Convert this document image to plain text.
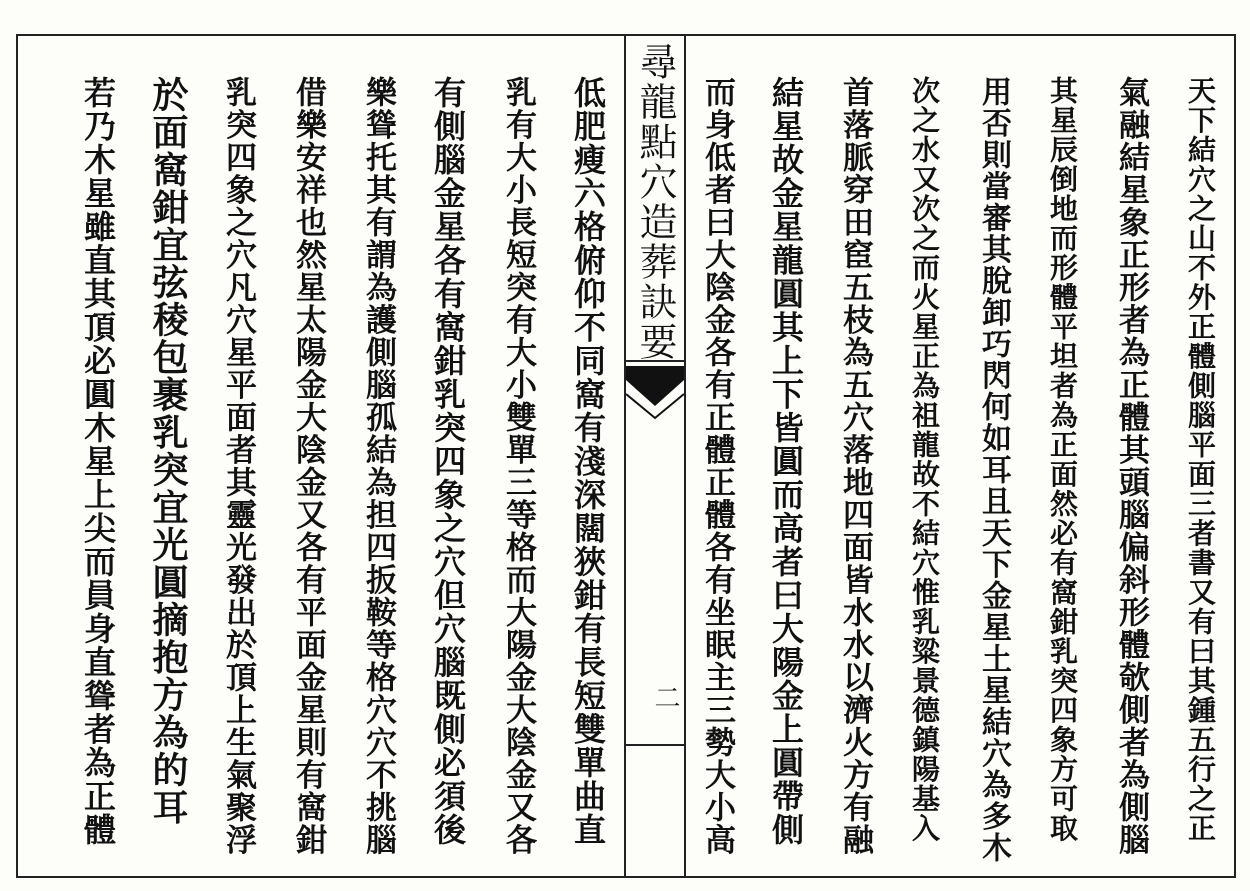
天下結穴之山不外正體側腦平面三者書又有曰其鍾五行之正
氣融結星象正形者為正體其頭腦偏斜形體欹側者為側腦
其星辰倒地而形體平坦者為正面然必有窩鉗乳突四象方可取
用否則當審其脫卸巧閃何如耳且天下金星土星結穴為多木
次之水又次之而火星正為祖龍故不結穴惟乳粱景德鎮陽基入
首落脈穿田䆠五枝為五穴落地四面皆水水以濟火方有融
結星故金星龍圓其上下皆圓而高者曰大陽金上圓帶側
而身低者曰大陰金各有正體正體各有坐眠主三勢大小高
尋龍點穴造葬訣要
二
低肥瘦六格俯仰不同窩有淺深闊狹鉗有長短雙單曲直
乳有大小長短突有大小雙單三等格而大陽金大陰金又各
有側腦金星各有窩鉗乳突四象之穴但穴腦既側必須後
樂聳托其有謂為護側腦孤結為担四扳鞍等格穴穴不挑腦
借樂安祥也然星太陽金大陰金又各有平面金星則有窩鉗
乳突四象之穴凡穴星平面者其靈光發出於頂上生氣聚浮
於面窩鉗宜弦稜包裹乳突宜光圓摘抱方為的耳
若乃木星雖直其頂必圓木星上尖而員身直聳者為正體
